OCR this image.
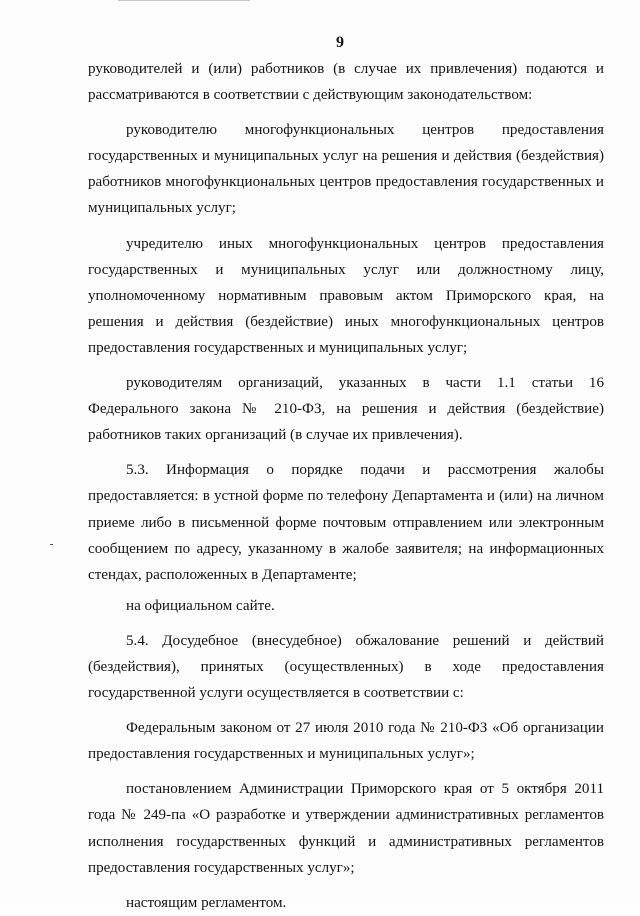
9

руководителей и (или) работников (в случае их привлечения) подаются и рассматриваются в соответствии с действующим законодательством:

руководителю многофункциональных центров предоставления государственных и муниципальных услуг на решения и действия (бездействия) работников многофункциональных центров предоставления государственных и муниципальных услуг;

учредителю иных многофункциональных центров предоставления государственных и муниципальных услуг или должностному лицу, уполномоченному нормативным правовым актом Приморского края, на решения и действия (бездействие) иных многофункциональных центров предоставления государственных и муниципальных услуг;

руководителям организаций, указанных в части 1.1 статьи 16 Федерального закона № 210-ФЗ, на решения и действия (бездействие) работников таких организаций (в случае их привлечения).

5.3. Информация о порядке подачи и рассмотрения жалобы предоставляется: в устной форме по телефону Департамента и (или) на личном приеме либо в письменной форме почтовым отправлением или электронным сообщением по адресу, указанному в жалобе заявителя; на информационных стендах, расположенных в Департаменте;

на официальном сайте.

5.4. Досудебное (внесудебное) обжалование решений и действий (бездействия), принятых (осуществленных) в ходе предоставления государственной услуги осуществляется в соответствии с:

Федеральным законом от 27 июля 2010 года № 210-ФЗ «Об организации предоставления государственных и муниципальных услуг»;

постановлением Администрации Приморского края от 5 октября 2011 года № 249-па «О разработке и утверждении административных регламентов исполнения государственных функций и административных регламентов предоставления государственных услуг»;

настоящим регламентом.
